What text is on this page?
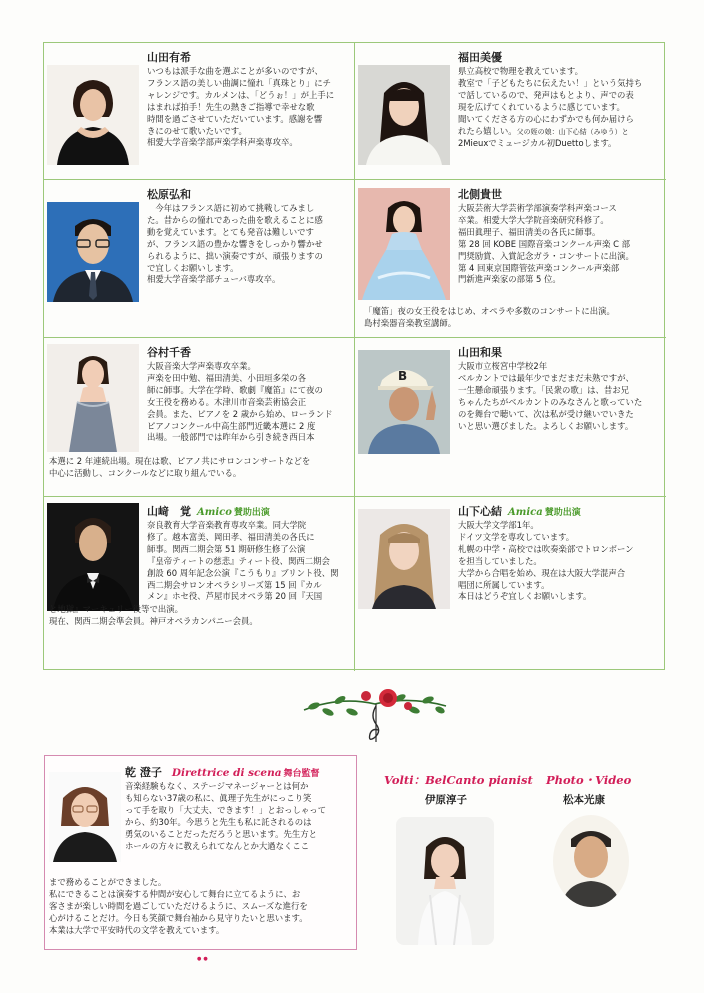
山田有希
いつもは派手な曲を選ぶことが多いのですが、
フランス語の美しい曲調に憧れ「真珠とり」にチ
ャレンジです。カルメンは、「どうぉ！」が上手に
はまれば拍手！先生の熱きご指導で幸せな歌
時間を過ごさせていただいています。感謝を響
きにのせて歌いたいです。
相愛大学音楽学部声楽学科声楽専攻卒。
福田美優
県立高校で物理を教えています。
教室で「子どもたちに伝えたい！」という気持ち
で話しているので、発声はもとより、声での表
現を広げてくれているように感じています。
聞いてくださる方の心にわずかでも何か届けら
れたら嬉しい。父の姪の娘：山下心結（みゆう）と
2Mieuxでミュージカル初Duettoします。
松原弘和
　今年はフランス語に初めて挑戦してみまし
た。昔からの憧れであった曲を歌えることに感
動を覚えています。とても発音は難しいです
が、フランス語の豊かな響きをしっかり響かせ
られるように、拙い演奏ですが、頑張りますの
で宜しくお願いします。
相愛大学音楽学部チューバ専攻卒。
北側貴世
大阪芸術大学芸術学部演奏学科声楽コース
卒業。相愛大学大学院音楽研究科修了。
福田眞理子、福田清美の各氏に師事。
第 28 回 KOBE 国際音楽コンクール声楽 C 部
門奨励賞、入賞記念ガラ・コンサートに出演。
第 4 回東京国際管弦声楽コンクール声楽部
門新進声楽家の部第 5 位。
「魔笛」夜の女王役をはじめ、オペラや多数のコンサートに出演。
島村楽器音楽教室講師。
谷村千香
大阪音楽大学声楽専攻卒業。
声楽を田中勉、福田清美、小田垣多栄の各
師に師事。大学在学時、歌劇『魔笛』にて夜の
女王役を務める。木津川市音楽芸術協会正
会員。また、ピアノを 2 歳から始め、ローランド
ピアノコンクール中高生部門近畿本選に 2 度
出場。一般部門では昨年から引き続き西日本
本選に 2 年連続出場。現在は歌、ピアノ共にサロンコンサートなどを
中心に活動し、コンクールなどに取り組んでいる。
B
山田和果
大阪市立桜宮中学校2年
ベルカントでは最年少でまだまだ未熟ですが、
一生懸命頑張ります。「民衆の歌」は、昔お兄
ちゃんたちがベルカントのみなさんと歌っていた
のを舞台で聴いて、次は私が受け継いでいきた
いと思い選びました。よろしくお願いします。
山﨑　覚 Amico 賛助出演
奈良教育大学音楽教育専攻卒業。同大学院
修了。越本富美、岡田孝、福田清美の各氏に
師事。関西二期会第 51 期研修生修了公演
『皇帝ティートの慈悲』ティート役、関西二期会
創設 60 周年記念公演『こうもり』ブリント役、関
西二期会サロンオペラシリーズ第 15 回『カル
メン』ホセ役、芦屋市民オペラ第 20 回『天国
と地獄』マーキュリー役等で出演。
現在、関西二期会準会員。神戸オペラカンパニー会員。
山下心結 Amica 賛助出演
大阪大学文学部1年。
ドイツ文学を専攻しています。
札幌の中学・高校では吹奏楽部でトロンボーン
を担当していました。
大学から合唱を始め、現在は大阪大学混声合
唱団に所属しています。
本日はどうぞ宜しくお願いします。
乾 澄子 Direttrice di scena 舞台監督
音楽経験もなく、ステージマネージャーとは何か
も知らない37歳の私に、眞理子先生がにっこり笑
って手を取り「大丈夫、できます！」とおっしゃって
から、約30年。今思うと先生も私に託されるのは
勇気のいることだっただろうと思います。先生方と
ホールの方々に教えられてなんとか大過なくここ
まで務めることができました。
私にできることは演奏する仲間が安心して舞台に立てるように、お
客さまが楽しい時間を過ごしていただけるように、スムーズな進行を
心がけることだけ。今日も笑顔で舞台袖から見守りたいと思います。
本業は大学で平安時代の文学を教えています。
Volti：BelCanto pianist
伊原淳子
Photo・Video
松本光康
●●
